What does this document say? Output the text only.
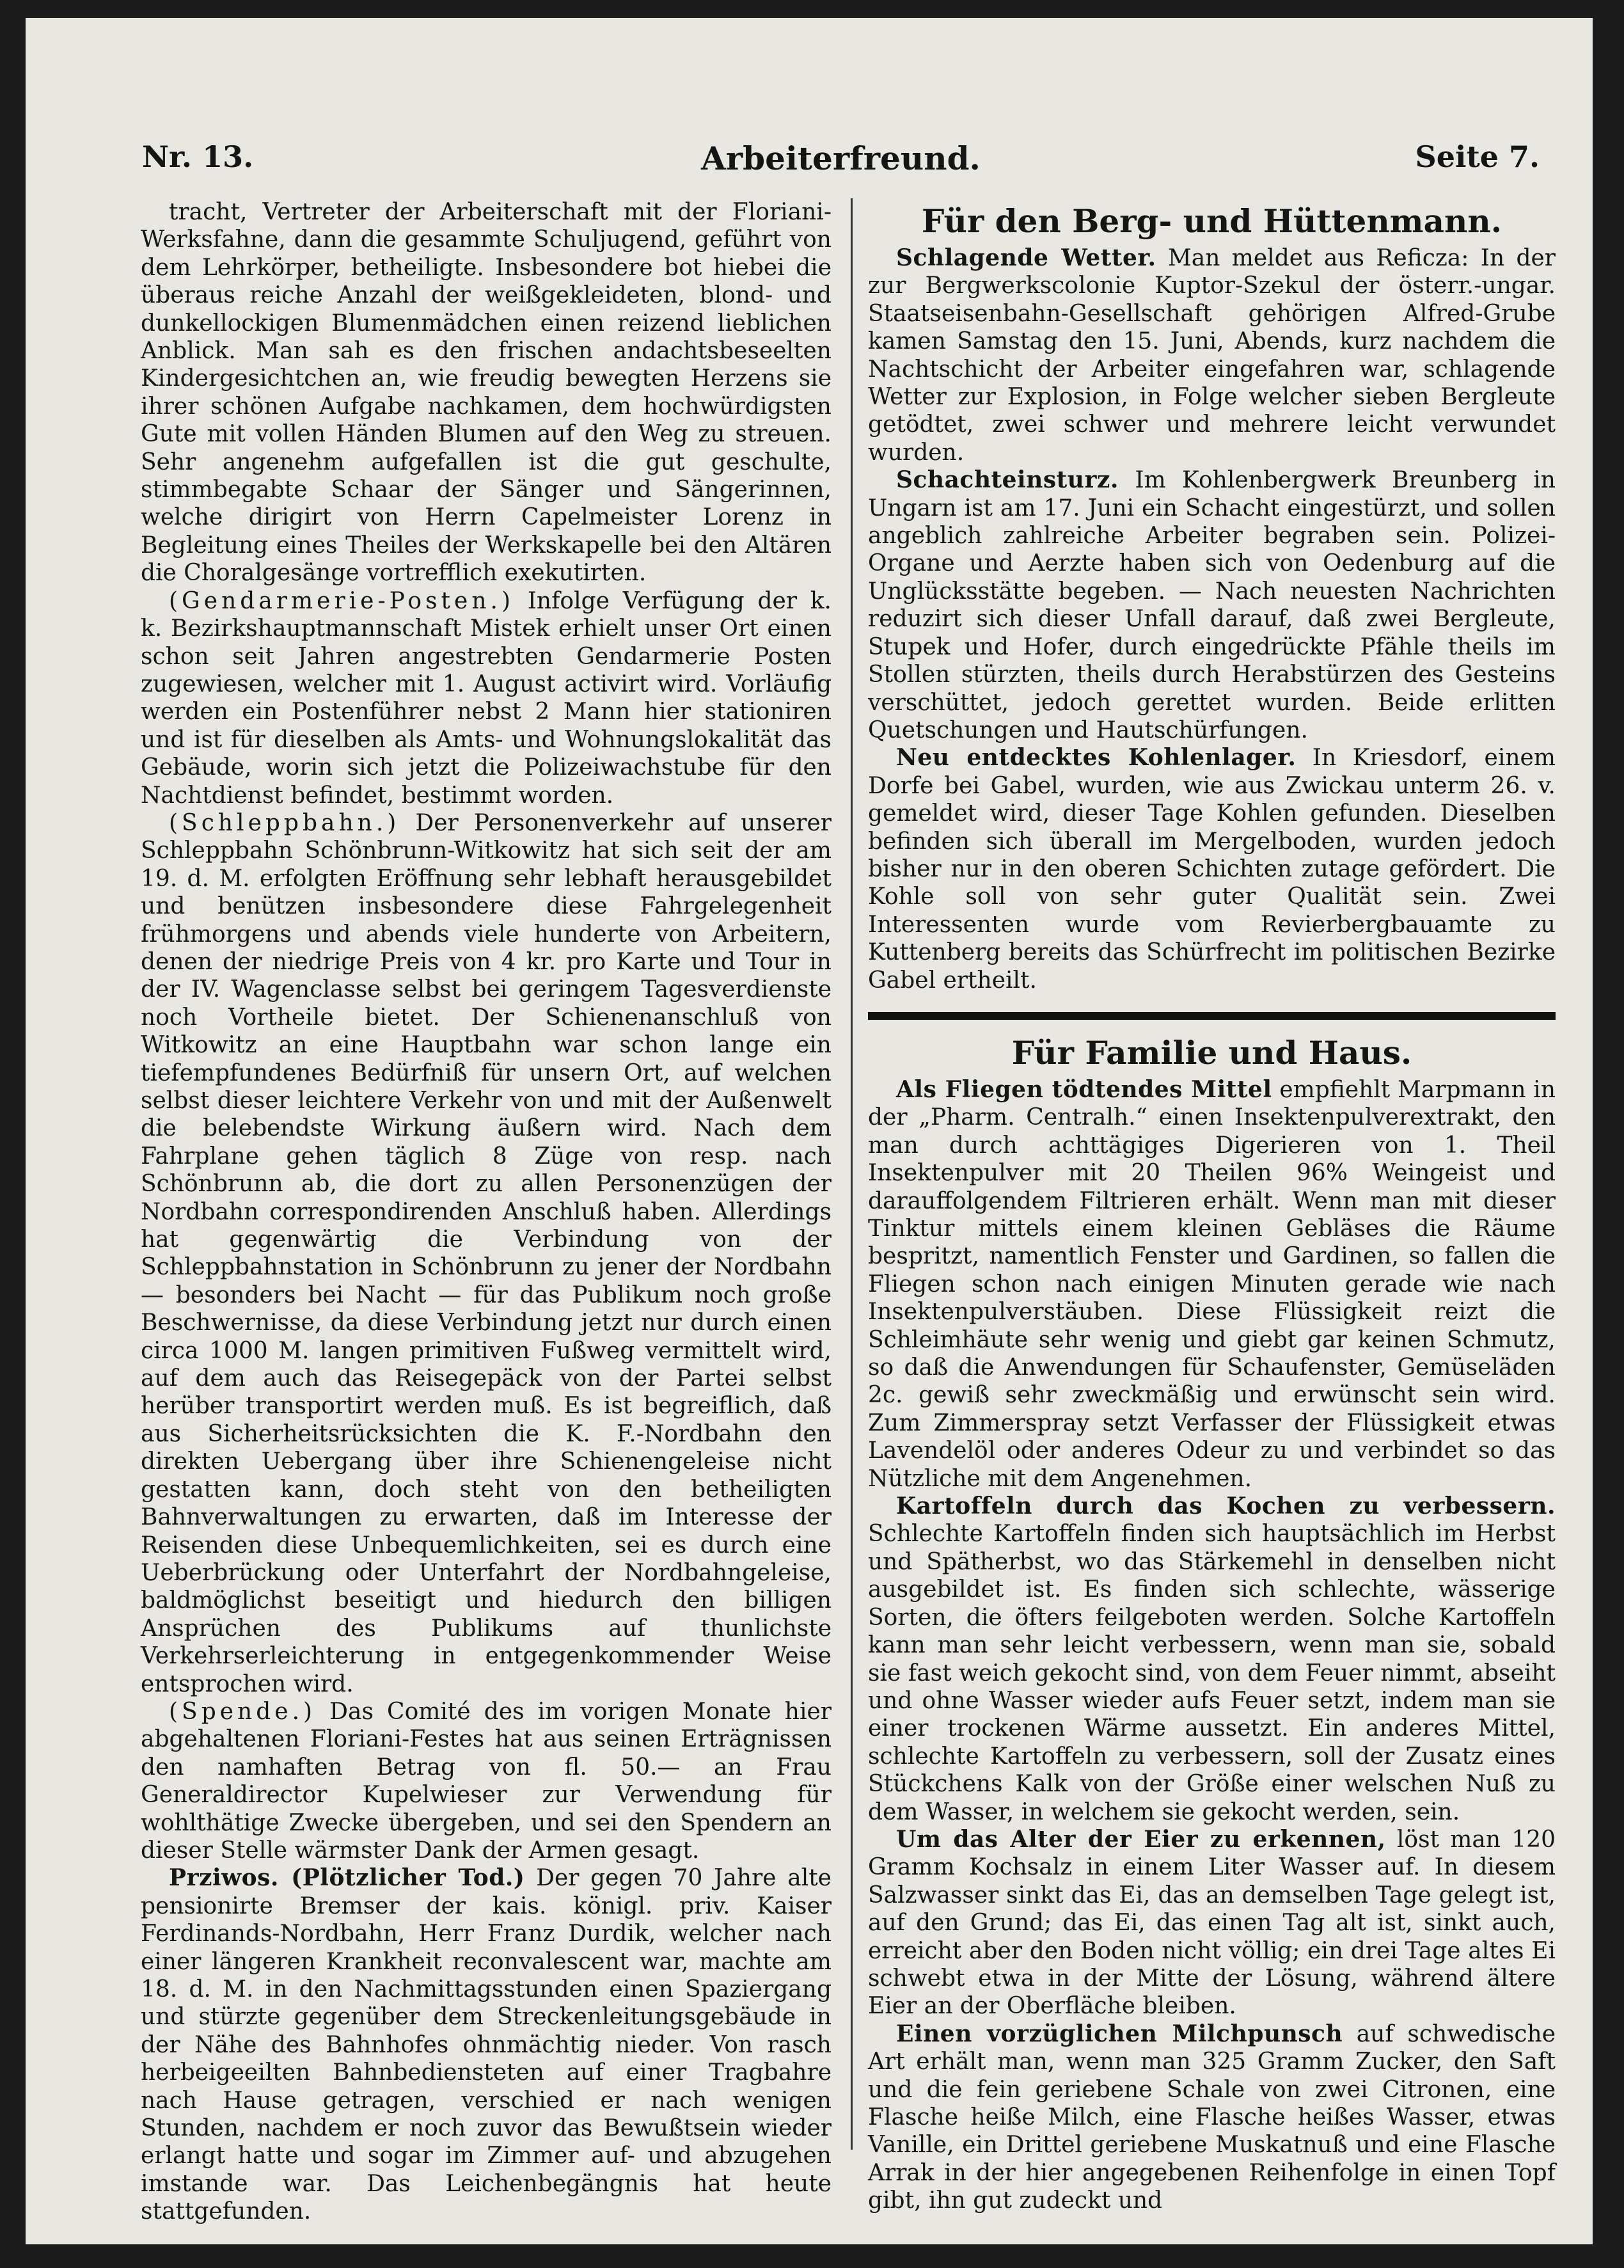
Nr. 13.	Arbeiterfreund.	Seite 7.

tracht, Vertreter der Arbeiterschaft mit der Floriani-Werksfahne, dann die gesammte Schuljugend, geführt von dem Lehrkörper, betheiligte. Insbesondere bot hiebei die überaus reiche Anzahl der weißgekleideten, blond- und dunkellockigen Blumenmädchen einen reizend lieblichen Anblick. Man sah es den frischen andachtsbeseelten Kindergesichtchen an, wie freudig bewegten Herzens sie ihrer schönen Aufgabe nachkamen, dem hochwürdigsten Gute mit vollen Händen Blumen auf den Weg zu streuen. Sehr angenehm aufgefallen ist die gut geschulte, stimmbegabte Schaar der Sänger und Sängerinnen, welche dirigirt von Herrn Capelmeister Lorenz in Begleitung eines Theiles der Werkskapelle bei den Altären die Choralgesänge vortrefflich exekutirten.

(Gendarmerie-Posten.) Infolge Verfügung der k. k. Bezirkshauptmannschaft Mistek erhielt unser Ort einen schon seit Jahren angestrebten Gendarmerie Posten zugewiesen, welcher mit 1. August activirt wird. Vorläufig werden ein Postenführer nebst 2 Mann hier stationiren und ist für dieselben als Amts- und Wohnungslokalität das Gebäude, worin sich jetzt die Polizeiwachstube für den Nachtdienst befindet, bestimmt worden.

(Schleppbahn.) Der Personenverkehr auf unserer Schleppbahn Schönbrunn-Witkowitz hat sich seit der am 19. d. M. erfolgten Eröffnung sehr lebhaft herausgebildet und benützen insbesondere diese Fahrgelegenheit frühmorgens und abends viele hunderte von Arbeitern, denen der niedrige Preis von 4 kr. pro Karte und Tour in der IV. Wagenclasse selbst bei geringem Tagesverdienste noch Vortheile bietet. Der Schienenanschluß von Witkowitz an eine Hauptbahn war schon lange ein tiefempfundenes Bedürfniß für unsern Ort, auf welchen selbst dieser leichtere Verkehr von und mit der Außenwelt die belebendste Wirkung äußern wird. Nach dem Fahrplane gehen täglich 8 Züge von resp. nach Schönbrunn ab, die dort zu allen Personenzügen der Nordbahn correspondirenden Anschluß haben. Allerdings hat gegenwärtig die Verbindung von der Schleppbahnstation in Schönbrunn zu jener der Nordbahn — besonders bei Nacht — für das Publikum noch große Beschwernisse, da diese Verbindung jetzt nur durch einen circa 1000 M. langen primitiven Fußweg vermittelt wird, auf dem auch das Reisegepäck von der Partei selbst herüber transportirt werden muß. Es ist begreiflich, daß aus Sicherheitsrücksichten die K. F.-Nordbahn den direkten Uebergang über ihre Schienengeleise nicht gestatten kann, doch steht von den betheiligten Bahnverwaltungen zu erwarten, daß im Interesse der Reisenden diese Unbequemlichkeiten, sei es durch eine Ueberbrückung oder Unterfahrt der Nordbahngeleise, baldmöglichst beseitigt und hiedurch den billigen Ansprüchen des Publikums auf thunlichste Verkehrserleichterung in entgegenkommender Weise entsprochen wird.

(Spende.) Das Comité des im vorigen Monate hier abgehaltenen Floriani-Festes hat aus seinen Erträgnissen den namhaften Betrag von fl. 50.— an Frau Generaldirector Kupelwieser zur Verwendung für wohlthätige Zwecke übergeben, und sei den Spendern an dieser Stelle wärmster Dank der Armen gesagt.

Prziwos. (Plötzlicher Tod.) Der gegen 70 Jahre alte pensionirte Bremser der kais. königl. priv. Kaiser Ferdinands-Nordbahn, Herr Franz Durdik, welcher nach einer längeren Krankheit reconvalescent war, machte am 18. d. M. in den Nachmittagsstunden einen Spaziergang und stürzte gegenüber dem Streckenleitungsgebäude in der Nähe des Bahnhofes ohnmächtig nieder. Von rasch herbeigeeilten Bahnbediensteten auf einer Tragbahre nach Hause getragen, verschied er nach wenigen Stunden, nachdem er noch zuvor das Bewußtsein wieder erlangt hatte und sogar im Zimmer auf- und abzugehen imstande war. Das Leichenbegängnis hat heute stattgefunden.

Für den Berg- und Hüttenmann.

Schlagende Wetter. Man meldet aus Reficza: In der zur Bergwerkscolonie Kuptor-Szekul der österr.-ungar. Staatseisenbahn-Gesellschaft gehörigen Alfred-Grube kamen Samstag den 15. Juni, Abends, kurz nachdem die Nachtschicht der Arbeiter eingefahren war, schlagende Wetter zur Explosion, in Folge welcher sieben Bergleute getödtet, zwei schwer und mehrere leicht verwundet wurden.

Schachteinsturz. Im Kohlenbergwerk Breunberg in Ungarn ist am 17. Juni ein Schacht eingestürzt, und sollen angeblich zahlreiche Arbeiter begraben sein. Polizei-Organe und Aerzte haben sich von Oedenburg auf die Unglücksstätte begeben. — Nach neuesten Nachrichten reduzirt sich dieser Unfall darauf, daß zwei Bergleute, Stupek und Hofer, durch eingedrückte Pfähle theils im Stollen stürzten, theils durch Herabstürzen des Gesteins verschüttet, jedoch gerettet wurden. Beide erlitten Quetschungen und Hautschürfungen.

Neu entdecktes Kohlenlager. In Kriesdorf, einem Dorfe bei Gabel, wurden, wie aus Zwickau unterm 26. v. gemeldet wird, dieser Tage Kohlen gefunden. Dieselben befinden sich überall im Mergelboden, wurden jedoch bisher nur in den oberen Schichten zutage gefördert. Die Kohle soll von sehr guter Qualität sein. Zwei Interessenten wurde vom Revierbergbauamte zu Kuttenberg bereits das Schürfrecht im politischen Bezirke Gabel ertheilt.

Für Familie und Haus.

Als Fliegen tödtendes Mittel empfiehlt Marpmann in der „Pharm. Centralh.“ einen Insektenpulverextrakt, den man durch achttägiges Digerieren von 1. Theil Insektenpulver mit 20 Theilen 96% Weingeist und darauffolgendem Filtrieren erhält. Wenn man mit dieser Tinktur mittels einem kleinen Gebläses die Räume bespritzt, namentlich Fenster und Gardinen, so fallen die Fliegen schon nach einigen Minuten gerade wie nach Insektenpulverstäuben. Diese Flüssigkeit reizt die Schleimhäute sehr wenig und giebt gar keinen Schmutz, so daß die Anwendungen für Schaufenster, Gemüseläden 2c. gewiß sehr zweckmäßig und erwünscht sein wird. Zum Zimmerspray setzt Verfasser der Flüssigkeit etwas Lavendelöl oder anderes Odeur zu und verbindet so das Nützliche mit dem Angenehmen.

Kartoffeln durch das Kochen zu verbessern. Schlechte Kartoffeln finden sich hauptsächlich im Herbst und Spätherbst, wo das Stärkemehl in denselben nicht ausgebildet ist. Es finden sich schlechte, wässerige Sorten, die öfters feilgeboten werden. Solche Kartoffeln kann man sehr leicht verbessern, wenn man sie, sobald sie fast weich gekocht sind, von dem Feuer nimmt, abseiht und ohne Wasser wieder aufs Feuer setzt, indem man sie einer trockenen Wärme aussetzt. Ein anderes Mittel, schlechte Kartoffeln zu verbessern, soll der Zusatz eines Stückchens Kalk von der Größe einer welschen Nuß zu dem Wasser, in welchem sie gekocht werden, sein.

Um das Alter der Eier zu erkennen, löst man 120 Gramm Kochsalz in einem Liter Wasser auf. In diesem Salzwasser sinkt das Ei, das an demselben Tage gelegt ist, auf den Grund; das Ei, das einen Tag alt ist, sinkt auch, erreicht aber den Boden nicht völlig; ein drei Tage altes Ei schwebt etwa in der Mitte der Lösung, während ältere Eier an der Oberfläche bleiben.

Einen vorzüglichen Milchpunsch auf schwedische Art erhält man, wenn man 325 Gramm Zucker, den Saft und die fein geriebene Schale von zwei Citronen, eine Flasche heiße Milch, eine Flasche heißes Wasser, etwas Vanille, ein Drittel geriebene Muskatnuß und eine Flasche Arrak in der hier angegebenen Reihenfolge in einen Topf gibt, ihn gut zudeckt und
